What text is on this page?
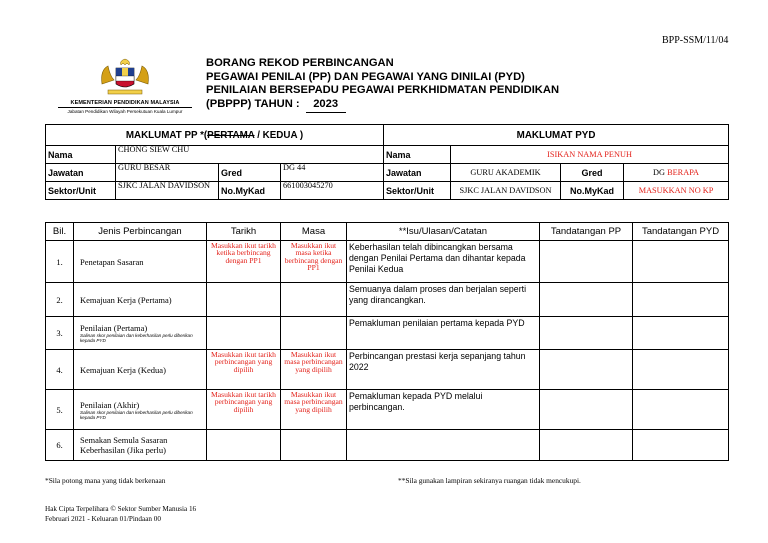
BPP-SSM/11/04
KEMENTERIAN PENDIDIKAN MALAYSIA
Jabatan Pendidikan Wilayah Persekutuan Kuala Lumpur
BORANG REKOD PERBINCANGAN
PEGAWAI PENILAI (PP) DAN PEGAWAI YANG DINILAI (PYD)
PENILAIAN BERSEPADU PEGAWAI PERKHIDMATAN PENDIDIKAN
(PBPPP) TAHUN : 2023
MAKLUMAT PP *(PERTAMA / KEDUA )				MAKLUMAT PYD			
Nama	CHONG SIEW CHU			Nama	ISIKAN NAMA PENUH		
Jawatan	GURU BESAR	Gred	DG 44	Jawatan	GURU AKADEMIK	Gred	DG BERAPA
Sektor/Unit	SJKC JALAN DAVIDSON	No.MyKad	661003045270	Sektor/Unit	SJKC JALAN DAVIDSON	No.MyKad	MASUKKAN NO KP
Bil.	Jenis Perbincangan	Tarikh	Masa	**Isu/Ulasan/Catatan	Tandatangan PP	Tandatangan PYD
1.	Penetapan Sasaran	Masukkan ikut tarikh ketika berbincang dengan PP1	Masukkan ikut masa ketika berbincang dengan PP1	Keberhasilan telah dibincangkan bersama dengan Penilai Pertama dan dihantar kepada Penilai Kedua		
2.	Kemajuan Kerja (Pertama)			Semuanya dalam proses dan berjalan seperti yang dirancangkan.		
3.	Penilaian (Pertama)
Salinan skor penilaian dan keberhasilan perlu diberikan kepada PYD			Pemakluman penilaian pertama kepada PYD		
4.	Kemajuan Kerja (Kedua)	Masukkan ikut tarikh perbincangan yang dipilih	Masukkan ikut masa perbincangan yang dipilih	Perbincangan prestasi kerja sepanjang tahun 2022		
5.	Penilaian (Akhir)
Salinan skor penilaian dan keberhasilan perlu diberikan kepada PYD	Masukkan ikut tarikh perbincangan yang dipilih	Masukkan ikut masa perbincangan yang dipilih	Pemakluman kepada PYD melalui perbincangan.		
6.	Semakan Semula Sasaran Keberhasilan (Jika perlu)					
*Sila potong mana yang tidak berkenaan	**Sila gunakan lampiran sekiranya ruangan tidak mencukupi.
Hak Cipta Terpelihara © Sektor Sumber Manusia 16
Februari 2021 - Keluaran 01/Pindaan 00
